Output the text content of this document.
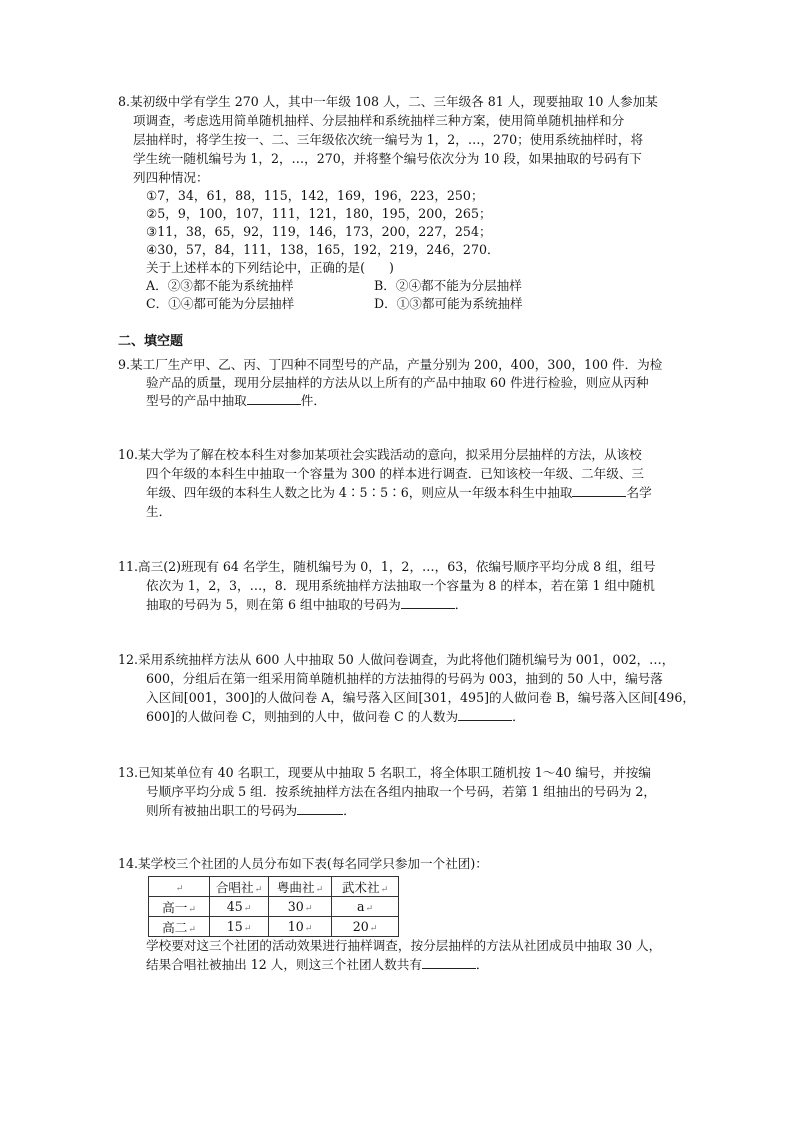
8.某初级中学有学生 270 人，其中一年级 108 人，二、三年级各 81 人，现要抽取 10 人参加某
项调查，考虑选用简单随机抽样、分层抽样和系统抽样三种方案，使用简单随机抽样和分
层抽样时，将学生按一、二、三年级依次统一编号为 1，2，…，270；使用系统抽样时，将
学生统一随机编号为 1，2，…，270，并将整个编号依次分为 10 段，如果抽取的号码有下
列四种情况：
①7，34，61，88，115，142，169，196，223，250；
②5，9，100，107，111，121，180，195，200，265；
③11，38，65，92，119，146，173，200，227，254；
④30，57，84，111，138，165，192，219，246，270．
关于上述样本的下列结论中，正确的是(      )
A．②③都不能为系统抽样	B．②④都不能为分层抽样
C．①④都可能为分层抽样	D．①③都可能为系统抽样
二、填空题
9.某工厂生产甲、乙、丙、丁四种不同型号的产品，产量分别为 200，400，300，100 件．为检
验产品的质量，现用分层抽样的方法从以上所有的产品中抽取 60 件进行检验，则应从丙种
型号的产品中抽取	件．
10.某大学为了解在校本科生对参加某项社会实践活动的意向，拟采用分层抽样的方法，从该校
四个年级的本科生中抽取一个容量为 300 的样本进行调查．已知该校一年级、二年级、三
年级、四年级的本科生人数之比为 4∶5∶5∶6，则应从一年级本科生中抽取	名学
生．
11.高三(2)班现有 64 名学生，随机编号为 0，1，2，…，63，依编号顺序平均分成 8 组，组号
依次为 1，2，3，…，8．现用系统抽样方法抽取一个容量为 8 的样本，若在第 1 组中随机
抽取的号码为 5，则在第 6 组中抽取的号码为	．
12.采用系统抽样方法从 600 人中抽取 50 人做问卷调查，为此将他们随机编号为 001，002，…，
600，分组后在第一组采用简单随机抽样的方法抽得的号码为 003，抽到的 50 人中，编号落
入区间[001，300]的人做问卷 A，编号落入区间[301，495]的人做问卷 B，编号落入区间[496，
600]的人做问卷 C，则抽到的人中，做问卷 C 的人数为	．
13.已知某单位有 40 名职工，现要从中抽取 5 名职工，将全体职工随机按 1～40 编号，并按编
号顺序平均分成 5 组．按系统抽样方法在各组内抽取一个号码，若第 1 组抽出的号码为 2，
则所有被抽出职工的号码为	．
14.某学校三个社团的人员分布如下表(每名同学只参加一个社团)：
↵	合唱社↵	粤曲社↵	武术社↵
高一↵	45↵	30↵	a↵
高二↵	15↵	10↵	20↵
学校要对这三个社团的活动效果进行抽样调查，按分层抽样的方法从社团成员中抽取 30 人，
结果合唱社被抽出 12 人，则这三个社团人数共有	．
